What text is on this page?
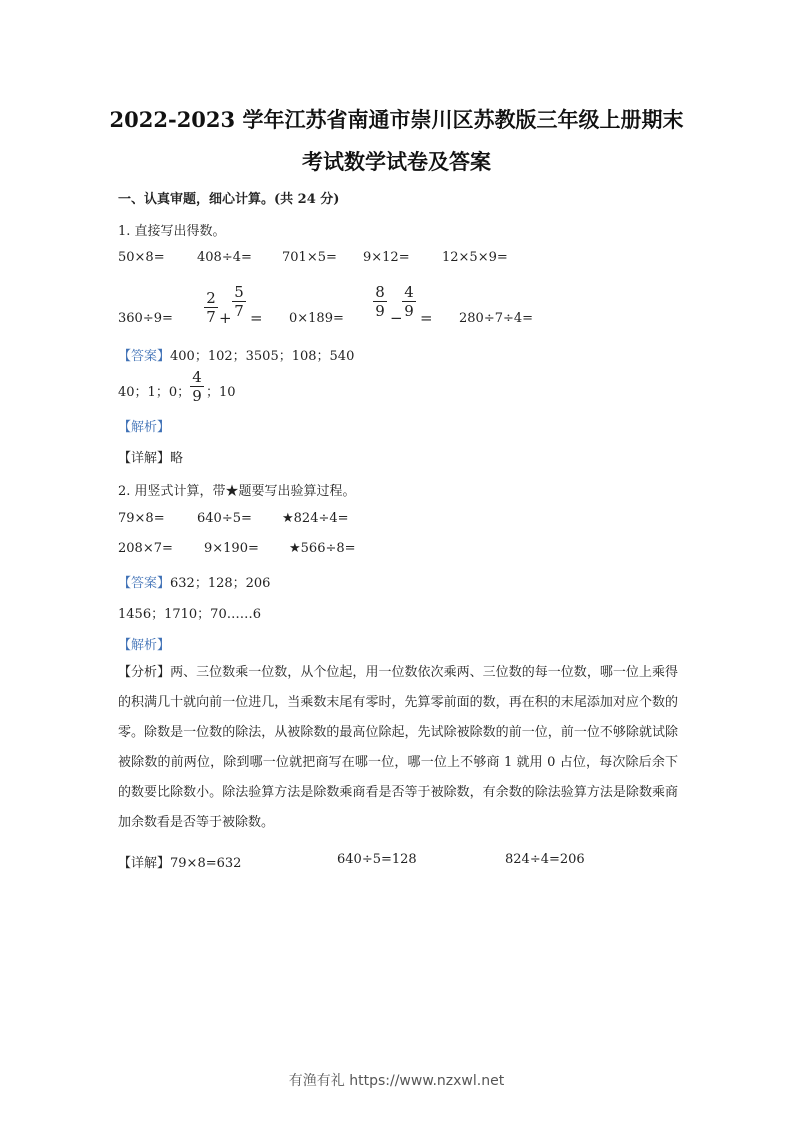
2022-2023 学年江苏省南通市崇川区苏教版三年级上册期末
考试数学试卷及答案
一、认真审题，细心计算。(共 24 分)
1. 直接写出得数。
50×8= 408÷4= 701×5= 9×12= 12×5×9=
$360\div 9= \frac{2}{7} + \frac{5}{7} = 0\times 189= \frac{8}{9} - \frac{4}{9} = 280\div 7\div 4=$
【答案】400；102；3505；108；540
40；1；0； $\frac{4}{9}$ ；10
【解析】
【详解】略
2. 用竖式计算，带★题要写出验算过程。
79×8= 640÷5= ★824÷4=
208×7= 9×190= ★566÷8=
【答案】632；128；206
1456；1710；70……6
【解析】
【分析】两、三位数乘一位数，从个位起，用一位数依次乘两、三位数的每一位数，哪一位上乘得的积满几十就向前一位进几，当乘数末尾有零时，先算零前面的数，再在积的末尾添加对应个数的零。除数是一位数的除法，从被除数的最高位除起，先试除被除数的前一位，前一位不够除就试除被除数的前两位，除到哪一位就把商写在哪一位，哪一位上不够商 1 就用 0 占位，每次除后余下的数要比除数小。除法验算方法是除数乘商看是否等于被除数，有余数的除法验算方法是除数乘商加余数看是否等于被除数。
【详解】79×8=632	640÷5=128	824÷4=206
有渔有礼 https://www.nzxwl.net
